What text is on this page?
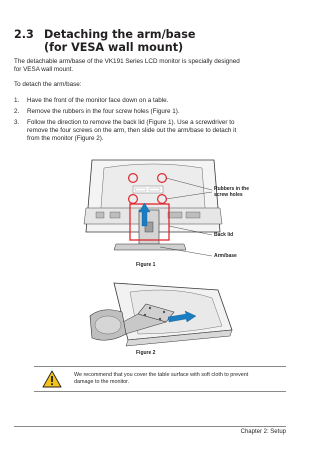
2.3 Detaching the arm/base
(for VESA wall mount)
The detachable arm/base of the VK191 Series LCD monitor is specially designed
for VESA wall mount.
To detach the arm/base:
1. Have the front of the monitor face down on a table.
2. Remove the rubbers in the four screw holes (Figure 1).
3. Follow the direction to remove the back lid (Figure 1). Use a screwdriver to
remove the four screws on the arm, then slide out the arm/base to detach it
from the monitor (Figure 2).
Rubbers in the
screw holes
Back lid
Arm/base
Figure 1
Figure 2
We recommend that you cover the table surface with soft cloth to prevent
damage to the monitor.
Chapter 2: Setup
